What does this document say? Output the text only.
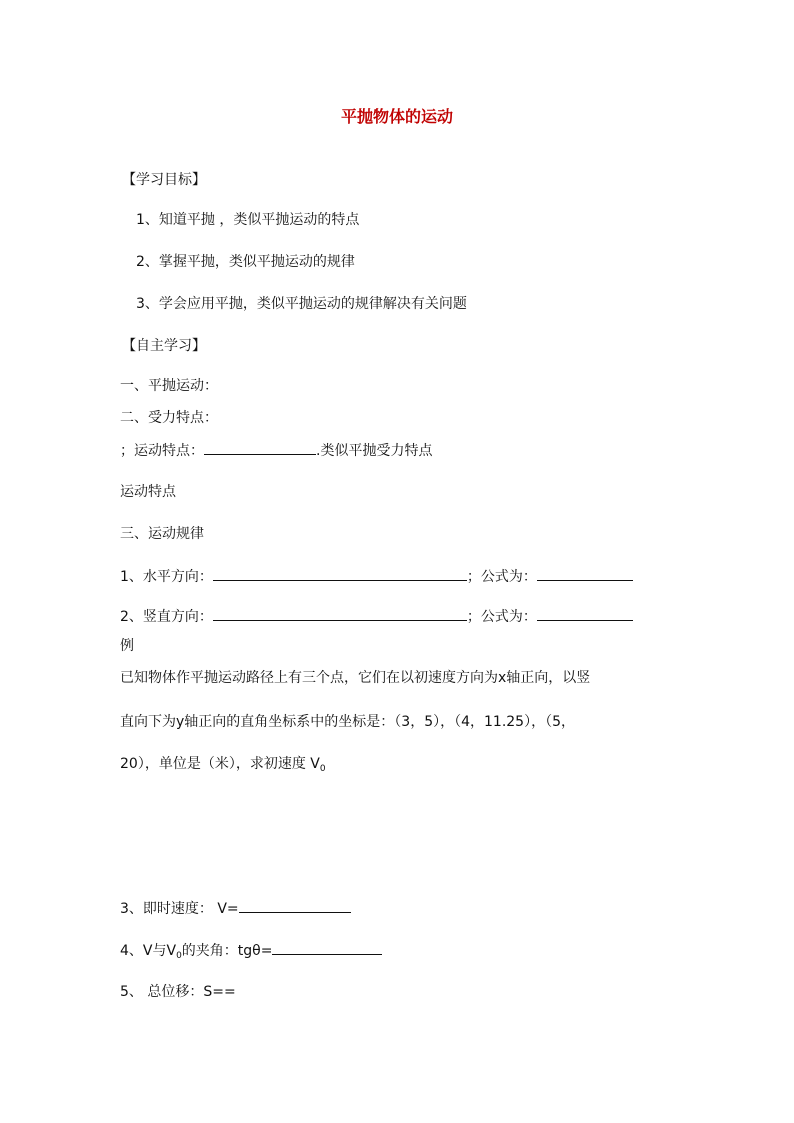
平抛物体的运动
【学习目标】
1、知道平抛 ，类似平抛运动的特点
2、掌握平抛，类似平抛运动的规律
3、学会应用平抛，类似平抛运动的规律解决有关问题
【自主学习】
一、平抛运动：
二、受力特点：
；运动特点：	.类似平抛受力特点
运动特点
三、运动规律
1、水平方向：	；公式为：
2、竖直方向：	；公式为：
例
已知物体作平抛运动路径上有三个点，它们在以初速度方向为x轴正向，以竖
直向下为y轴正向的直角坐标系中的坐标是：（3，5），（4，11.25），（5，
20），单位是（米），求初速度 $V_0$
3、即时速度： V=
4、V与$V_0$的夹角：tgθ=
5、 总位移：S==
